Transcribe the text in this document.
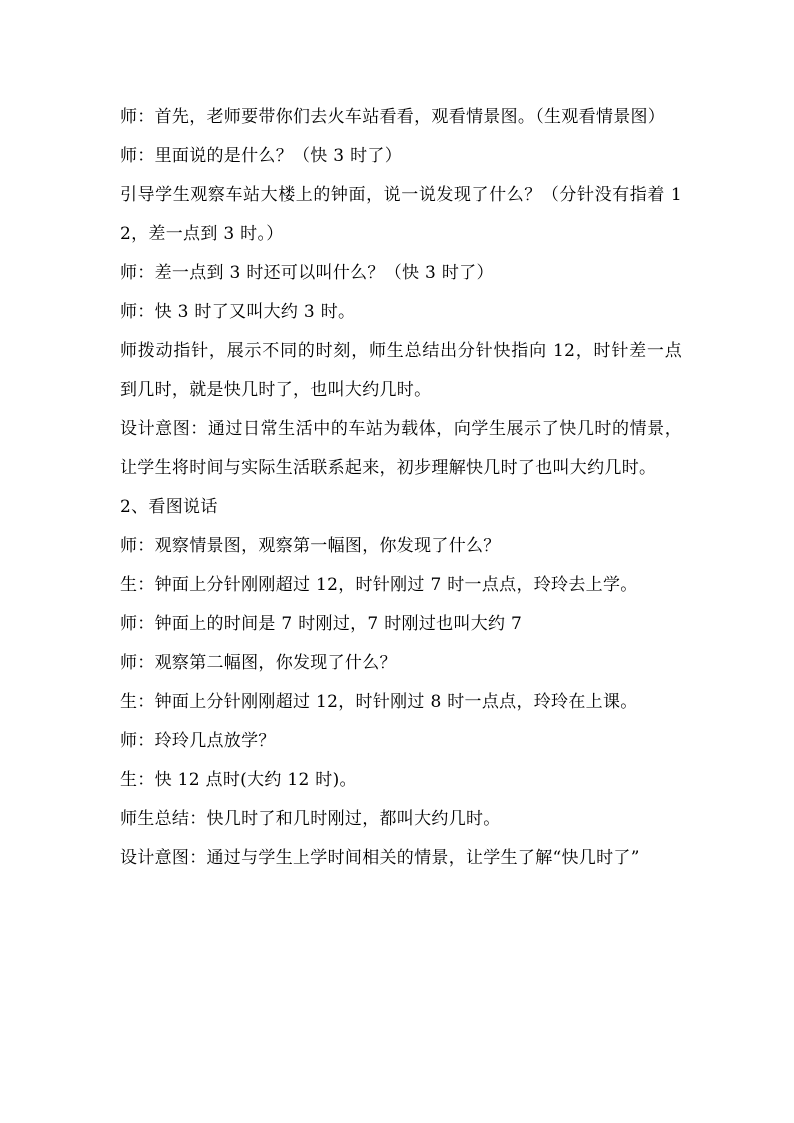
师：首先，老师要带你们去火车站看看，观看情景图。（生观看情景图）

师：里面说的是什么？（快 3 时了）

引导学生观察车站大楼上的钟面，说一说发现了什么？（分针没有指着 12，差一点到 3 时。）

师：差一点到 3 时还可以叫什么？（快 3 时了）

师：快 3 时了又叫大约 3 时。

师拨动指针，展示不同的时刻，师生总结出分针快指向 12，时针差一点到几时，就是快几时了，也叫大约几时。

设计意图：通过日常生活中的车站为载体，向学生展示了快几时的情景，让学生将时间与实际生活联系起来，初步理解快几时了也叫大约几时。

2、看图说话

师：观察情景图，观察第一幅图，你发现了什么？

生：钟面上分针刚刚超过 12，时针刚过 7 时一点点，玲玲去上学。

师：钟面上的时间是 7 时刚过，7 时刚过也叫大约 7

师：观察第二幅图，你发现了什么？

生：钟面上分针刚刚超过 12，时针刚过 8 时一点点，玲玲在上课。

师：玲玲几点放学？

生：快 12 点时(大约 12 时)。

师生总结：快几时了和几时刚过，都叫大约几时。

设计意图：通过与学生上学时间相关的情景，让学生了解“快几时了”
